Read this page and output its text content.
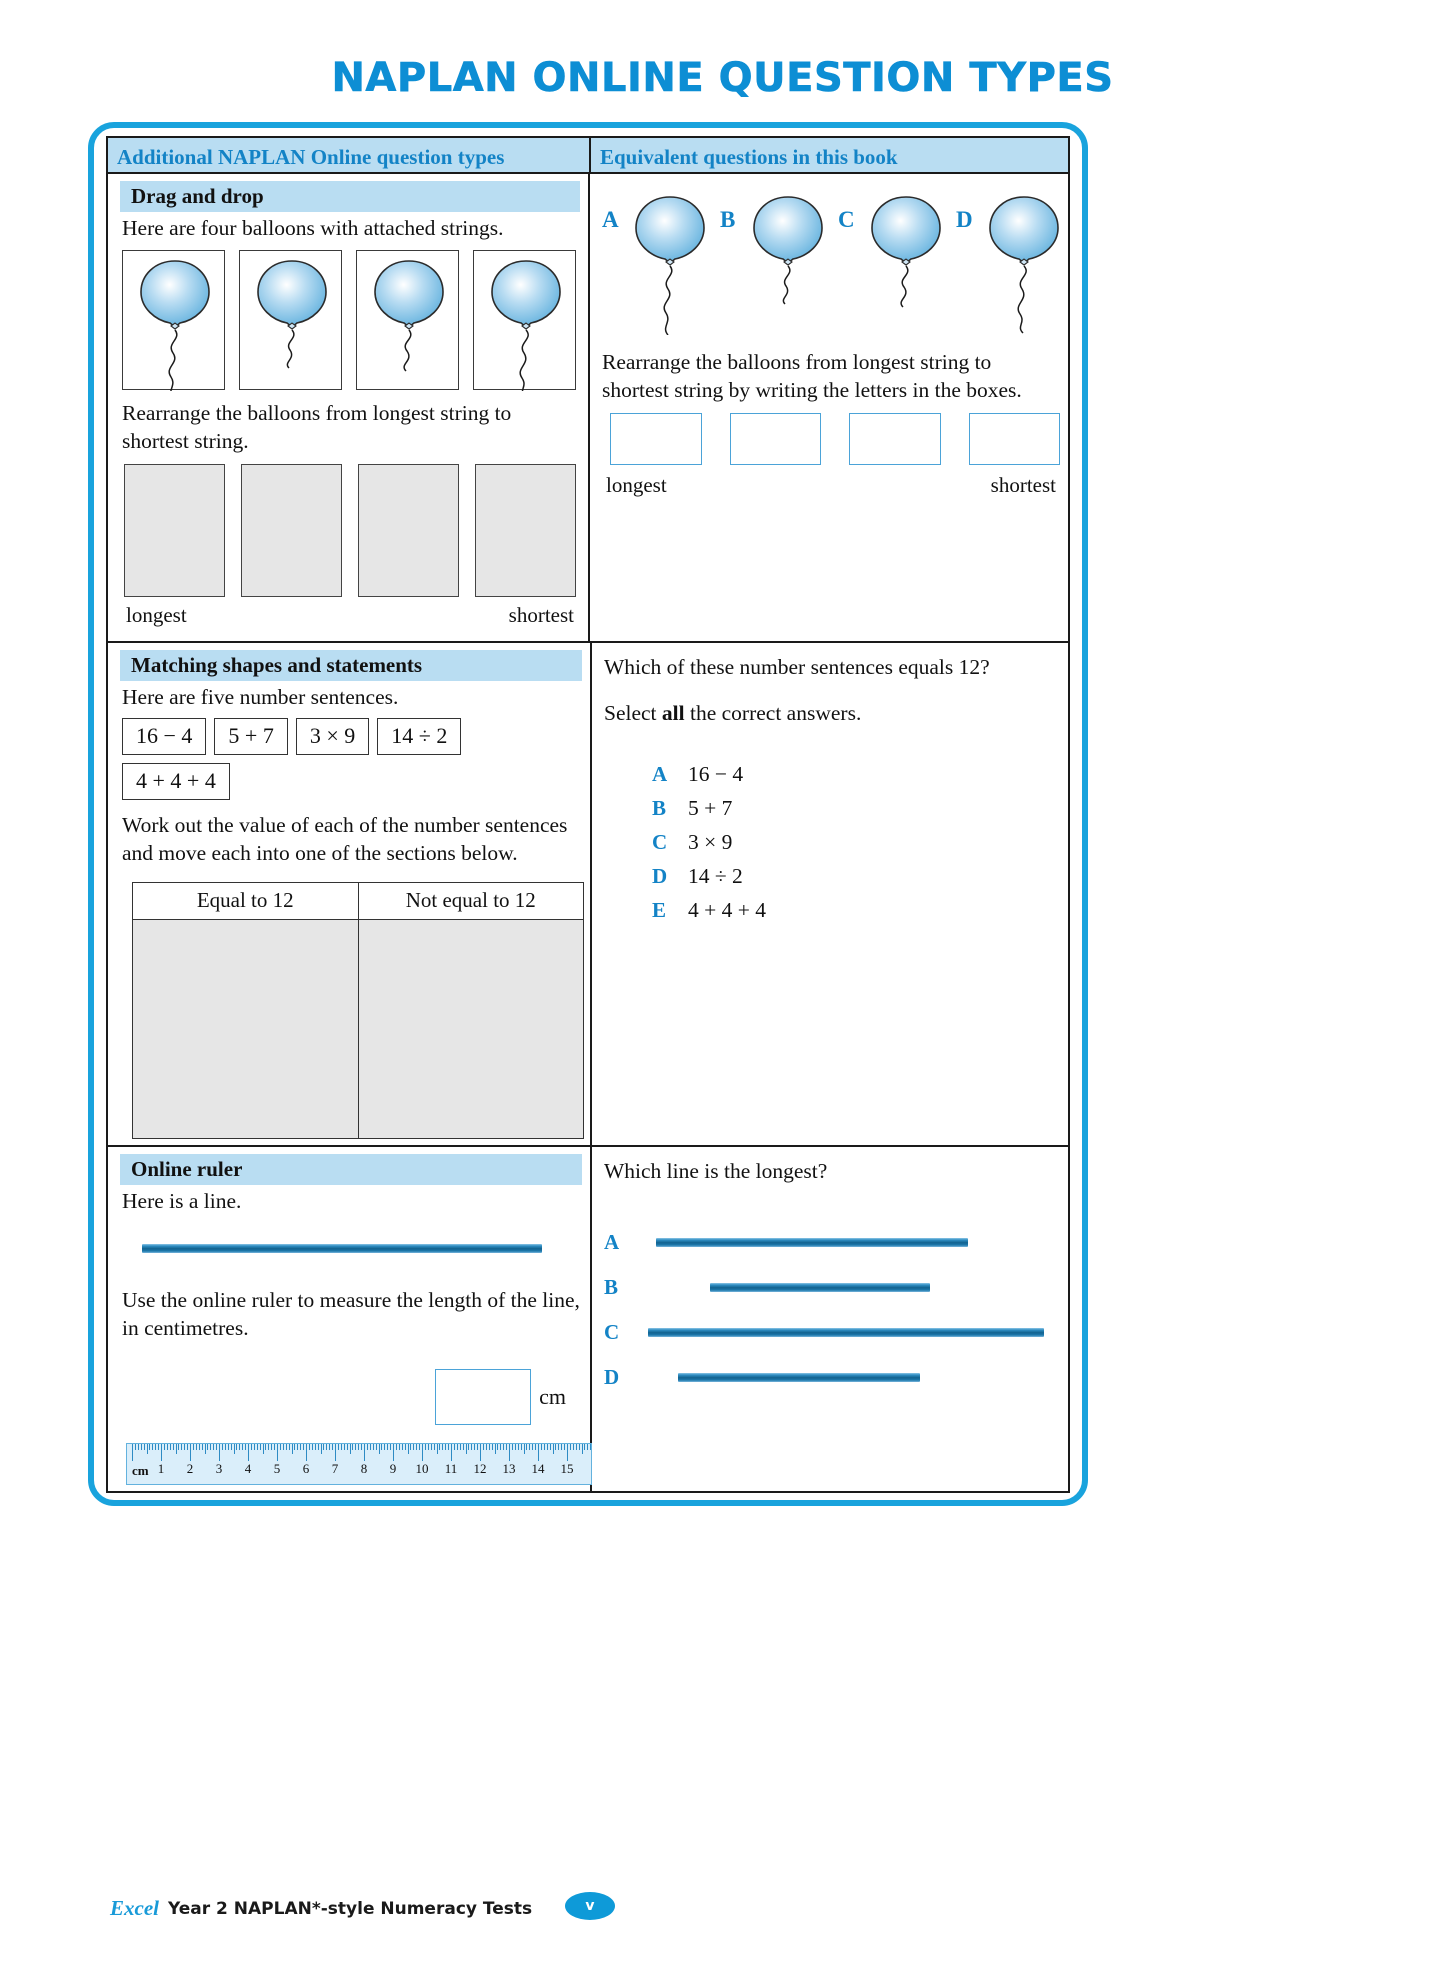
NAPLAN ONLINE QUESTION TYPES
Additional NAPLAN Online question types	Equivalent questions in this book
Drag and drop
Here are four balloons with attached strings.
Rearrange the balloons from longest string to shortest string.
longest	shortest
A	B	C	D
Rearrange the balloons from longest string to shortest string by writing the letters in the boxes.
longest	shortest
Matching shapes and statements
Here are five number sentences.
16 − 4	5 + 7	3 × 9	14 ÷ 2
4 + 4 + 4
Work out the value of each of the number sentences and move each into one of the sections below.
Equal to 12	Not equal to 12
Which of these number sentences equals 12?
Select all the correct answers.
A 16 − 4
B	5 + 7
C 3 × 9
D 14 ÷ 2
E	4 + 4 + 4
Online ruler
Here is a line.
Use the online ruler to measure the length of the line, in centimetres.
cm
cm 1 2 3 4 5 6 7 8 9 10 11 12 13 14 15
Which line is the longest?
A
B
C
D
Excel Year 2 NAPLAN*-style Numeracy Tests	v
